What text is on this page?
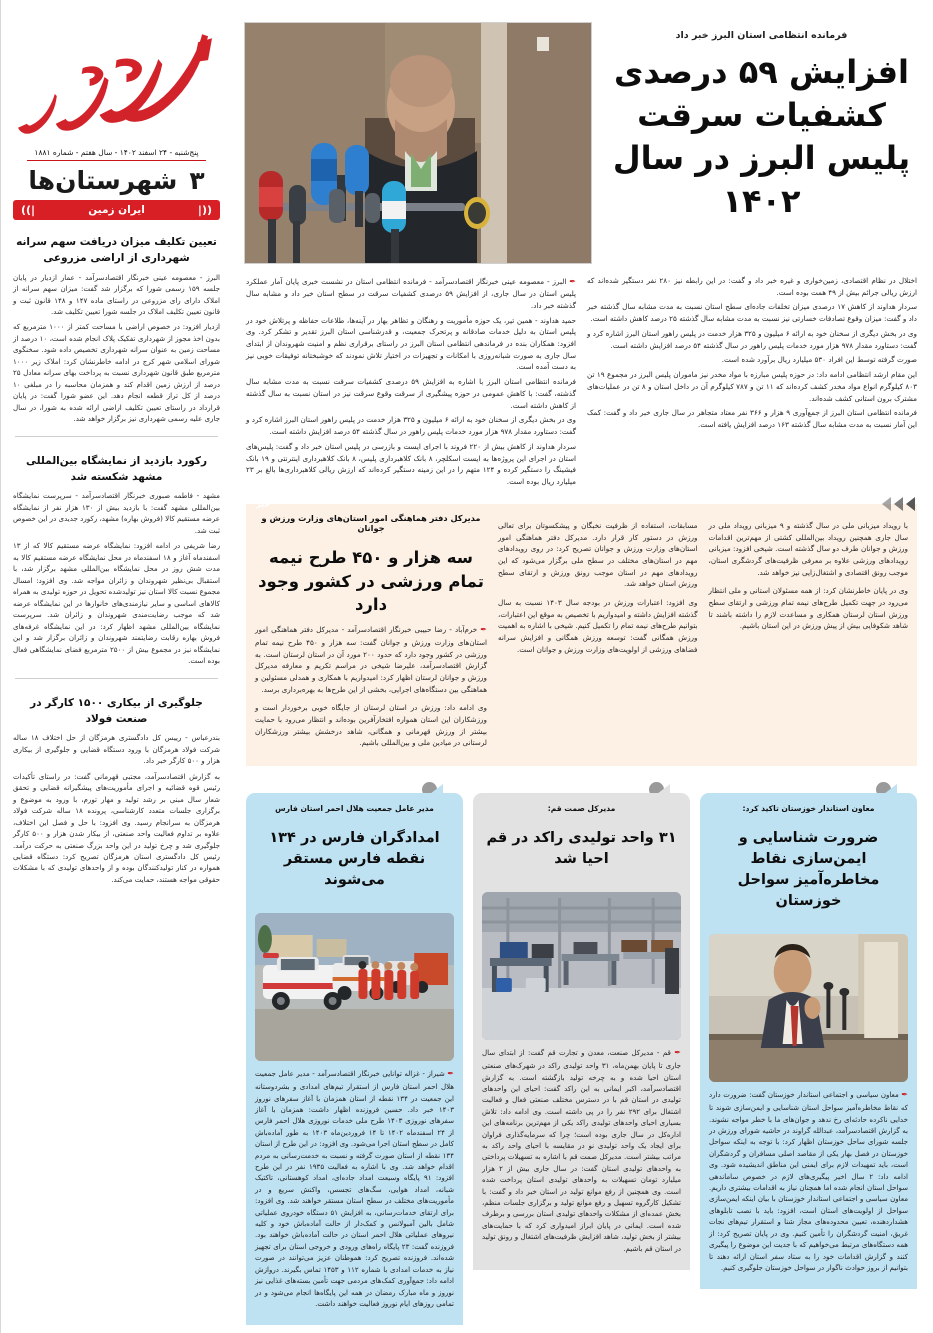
فرمانده انتظامی استان البرز خبر داد
افزایش ۵۹ درصدی کشفیات سرقت پلیس البرز در سال ۱۴۰۲

اختلال در نظام اقتصادی، زمین‌خواری و غیره خبر داد و گفت: در این رابطه نیز ۲۸۰ نفر دستگیر شده‌اند که ارزش ریالی جرائم بیش از ۴۹ همت بوده است.

سردار هداوند از کاهش ۱۷ درصدی میزان تخلفات جاده‌ای سطح استان نسبت به مدت مشابه سال گذشته خبر داد و گفت: میزان وقوع تصادفات خسارتی نیز نسبت به مدت مشابه سال گذشته ۲۵ درصد کاهش داشته است.

وی در بخش دیگری از سخنان خود به ارائه ۶ میلیون و ۳۲۵ هزار خدمت در پلیس راهور استان البرز اشاره کرد و گفت: دستاورد مقدار ۹۷۸ هزار مورد خدمات پلیس راهور در سال گذشته ۵۴ درصد افزایش داشته است.

صورت گرفته توسط این افراد ۵۳۰ میلیارد ریال برآورد شده است.

این مقام ارشد انتظامی ادامه داد: در حوزه پلیس مبارزه با مواد مخدر نیز ماموران پلیس البرز در مجموع ۱۹ تن ۸۰۳ کیلوگرم انواع مواد مخدر کشف کرده‌اند که ۱۱ تن و ۷۸۷ کیلوگرم آن در داخل استان و ۸ تن در عملیات‌های مشترک برون استانی کشف شده‌اند.

فرمانده انتظامی استان البرز از جمع‌آوری ۹ هزار و ۳۶۶ نفر معتاد متجاهر در سال جاری خبر داد و گفت: کمک این آمار نسبت به مدت مشابه سال گذشته ۱۶۳ درصد افزایش یافته است.

✒ البرز - معصومه عینی خبرنگار اقتصادسرآمد - فرمانده انتظامی استان در نشست خبری پایان آمار عملکرد پلیس استان در سال جاری، از افزایش ۵۹ درصدی کشفیات سرقت در سطح استان خبر داد و مشابه سال گذشته خبر داد.

حمید هداوند - همین تیر، یک حوزه مأموریت و رهنگان و تظاهر بهار در آینه‌ها، طلاعات حفاظه و پرتلاش خود در پلیس استان به دلیل خدمات صادقانه و پرتحرک جمعیت، و قدرشناسی استان البرز تقدیر و تشکر کرد. وی افزود: همکاران بنده در فرماندهی انتظامی استان البرز در راستای برقراری نظم و امنیت شهروندان از ابتدای سال جاری به صورت شبانه‌روزی با امکانات و تجهیزات در اختیار تلاش نمودند که خوشبختانه توفیقات خوبی نیز به دست آمده است.

فرمانده انتظامی استان البرز با اشاره به افزایش ۵۹ درصدی کشفیات سرقت نسبت به مدت مشابه سال گذشته، گفت: با کاهش عمومی در حوزه پیشگیری از سرقت وقوع سرقت نیز در استان نسبت به سال گذشته از کاهش داشته است.

وی در بخش دیگری از سخنان خود به ارائه ۶ میلیون و ۳۲۵ هزار خدمت در پلیس راهور استان البرز اشاره کرد و گفت: دستاورد مقدار ۹۷۸ هزار مورد خدمات پلیس راهور در سال گذشته ۵۴ درصد افزایش داشته است.

سردار هداوند از کاهش بیش از ۲۲۰ فروند با اجرای ایست و بازرسی در پلیس استان خبر داد و گفت: پلیس‌های استان در اجرای این پروژه‌ها به ایست اسکلچر، ۸ بانک کلاهبرداری پلیس، ۸ بانک کلاهبرداری اینترنتی و ۱۹ بانک فیشینگ را دستگیر کرده و ۱۲۴ متهم را در این زمینه دستگیر کرده‌اند که ارزش ریالی کلاهبرداری‌ها بالغ بر ۲۳ میلیارد ریال بوده است.

خبر

با رویداد میزبانی ملی در سال گذشته و ۹ میزبانی رویداد ملی در سال جاری همچنین رویداد بین‌المللی کشتی از مهم‌ترین اقدامات ورزش و جوانان طرف دو سال گذشته است. شیخی افزود: میزبانی رویدادهای ورزشی علاوه بر معرفی ظرفیت‌های گردشگری استان، موجب رونق اقتصادی و اشتغال‌زایی نیز خواهد شد.

وی در پایان خاطرنشان کرد: از همه مسئولان استانی و ملی انتظار می‌رود در جهت تکمیل طرح‌های نیمه تمام ورزشی و ارتقای سطح ورزش استان لرستان همکاری و مساعدت لازم را داشته باشند تا شاهد شکوفایی بیش از پیش ورزش در این استان باشیم.

مسابقات، استفاده از ظرفیت نخبگان و پیشکسوتان برای تعالی ورزش در دستور کار قرار دارد. مدیرکل دفتر هماهنگی امور استان‌های وزارت ورزش و جوانان تصریح کرد: در روی رویدادهای مهم در استان‌های مختلف در سطح ملی برگزار می‌شود که این رویدادهای مهم در استان موجب رونق ورزش و ارتقای سطح ورزش استان خواهد شد.

وی افزود: اعتبارات ورزش در بودجه سال ۱۴۰۳ نسبت به سال گذشته افزایش داشته و امیدواریم با تخصیص به موقع این اعتبارات، بتوانیم طرح‌های نیمه تمام را تکمیل کنیم. شیخی با اشاره به اهمیت ورزش همگانی گفت: توسعه ورزش همگانی و افزایش سرانه فضاهای ورزشی از اولویت‌های وزارت ورزش و جوانان است.

مدیرکل دفتر هماهنگی امور استان‌های وزارت ورزش و جوانان
سه هزار و ۴۵۰ طرح نیمه تمام ورزشی در کشور وجود دارد

✒ خرم‌آباد - رضا حبیبی خبرنگار اقتصادسرآمد - مدیرکل دفتر هماهنگی امور استان‌های وزارت ورزش و جوانان گفت: سه هزار و ۴۵۰ طرح نیمه تمام ورزشی در کشور وجود دارد که حدود ۲۰۰ مورد آن در استان لرستان است. به گزارش اقتصادسرآمد، علیرضا شیخی در مراسم تکریم و معارفه مدیرکل ورزش و جوانان لرستان اظهار کرد: امیدواریم با همکاری و همدلی مسئولین و هماهنگی بین دستگاه‌های اجرایی، بخشی از این طرح‌ها به بهره‌برداری برسد.

وی ادامه داد: ورزش در استان لرستان از جایگاه خوبی برخوردار است و ورزشکاران این استان همواره افتخارآفرین بوده‌اند و انتظار می‌رود با حمایت بیشتر از ورزش قهرمانی و همگانی، شاهد درخشش بیشتر ورزشکاران لرستانی در میادین ملی و بین‌المللی باشیم.

معاون استاندار خوزستان تاکید کرد:
ضرورت شناسایی و ایمن‌سازی نقاط مخاطره‌آمیز سواحل خوزستان

✒ معاون سیاسی و اجتماعی استاندار خوزستان گفت: ضرورت دارد که نقاط مخاطره‌آمیز سواحل استان شناسایی و ایمن‌سازی شوند تا خدایی ناکرده حادثه‌ای رخ ندهد و جوان‌های ما با خطر مواجه نشوند. به گزارش اقتصادسرآمد، عبدالله گراوند در حاشیه شورای ورزش در جلسه شورای ساحل خوزستان اظهار کرد: با توجه به اینکه سواحل خوزستان در فصل بهار یکی از مقاصد اصلی مسافران و گردشگران است، باید تمهیدات لازم برای ایمنی این مناطق اندیشیده شود. وی ادامه داد: ۲ سال اخیر پیگیری‌های لازم در خصوص ساماندهی سواحل استان انجام شده اما همچنان نیاز به اقدامات بیشتری داریم. معاون سیاسی و اجتماعی استاندار خوزستان با بیان اینکه ایمن‌سازی سواحل از اولویت‌های استان است، افزود: باید با نصب تابلوهای هشداردهنده، تعیین محدوده‌های مجاز شنا و استقرار تیم‌های نجات غریق، امنیت گردشگران را تأمین کنیم. وی در پایان تصریح کرد: از همه دستگاه‌های مرتبط می‌خواهیم که با جدیت این موضوع را پیگیری کنند و گزارش اقدامات خود را به ستاد سفر استان ارائه دهند تا بتوانیم از بروز حوادث ناگوار در سواحل خوزستان جلوگیری کنیم.

مدیرکل صمت قم:
۳۱ واحد تولیدی راکد در قم احیا شد

✒ قم - مدیرکل صنعت، معدن و تجارت قم گفت: از ابتدای سال جاری تا پایان بهمن‌ماه، ۳۱ واحد تولیدی راکد در شهرک‌های صنعتی استان احیا شده و به چرخه تولید بازگشته است. به گزارش اقتصادسرآمد، اکبر ایمانی به این راکد گفت: احیای این واحدهای تولیدی در استان قم با در دسترس مختلف صنعتی فعال و فعالیت اشتغال برای ۲۹۲ نفر را در پی داشته است. وی ادامه داد: تلاش بسیاری احیای واحدهای تولیدی راکد یکی از مهم‌ترین برنامه‌های این اداره‌کل در سال جاری بوده است؛ چرا که سرمایه‌گذاری فراوان برای ایجاد یک واحد تولیدی نو در مقایسه با احیای واحد راکد به مراتب بیشتر است. مدیرکل صمت قم با اشاره به تسهیلات پرداختی به واحدهای تولیدی استان گفت: در سال جاری بیش از ۲ هزار میلیارد تومان تسهیلات به واحدهای تولیدی استان پرداخت شده است. وی همچنین از رفع موانع تولید در استان خبر داد و گفت: با تشکیل کارگروه تسهیل و رفع موانع تولید و برگزاری جلسات منظم، بخش عمده‌ای از مشکلات واحدهای تولیدی استان بررسی و برطرف شده است. ایمانی در پایان ابراز امیدواری کرد که با حمایت‌های بیشتر از بخش تولید، شاهد افزایش ظرفیت‌های اشتغال و رونق تولید در استان قم باشیم.

مدیر عامل جمعیت هلال احمر استان فارس
امدادگران فارس در ۱۳۴ نقطه فارس مستقر می‌شوند

✒ شیراز - غزاله توانایی خبرنگار اقتصادسرآمد - مدیر عامل جمعیت هلال احمر استان فارس از استقرار تیم‌های امدادی و بشردوستانه این جمعیت در ۱۳۴ نقطه از استان همزمان با آغاز سفرهای نوروز ۱۴۰۳ خبر داد. حسین فروزنده اظهار داشت: همزمان با آغاز سفرهای نوروزی ۱۴۰۳ طرح ملی خدمات نوروزی هلال احمر فارس از ۲۴ اسفندماه ۱۴۰۲ تا ۱۴ فروردین‌ماه ۱۴۰۳ به طور آماده‌باش کامل در سطح استان اجرا می‌شود. وی افزود: در این طرح از استان ۱۳۴ نقطه از استان صورت گرفته و نسبت به خدمت‌رسانی به مردم اقدام خواهد شد. وی با اشاره به فعالیت ۱۹۳۵ نفر در این طرح افزود: ۹۱ پایگاه وسیعت امداد جاده‌ای، امداد کوهستانی، تاکتیک شبانه، امداد هوایی، سگ‌های تجسس، واکنش سریع و در مأموریت‌های مختلف در سطح استان مستقر خواهند شد. وی افزود: برای ارتقای خدمات‌رسانی، به افزایش ۵۱ دستگاه خودروی عملیاتی شامل بالین آمبولانس و کمک‌دار از حالت آماده‌باش خود و کلیه نیروهای عملیاتی هلال احمر استان در حالت آماده‌باش خواهند بود. فروزنده گفت: ۲۳ پایگاه راه‌های ورودی و خروجی استان برای تجهیز شده‌اند. فروزنده تصریح کرد: هموطنان عزیز می‌توانند در صورت نیاز به خدمات امدادی با شماره ۱۱۲ و ۱۴۵۳ تماس بگیرند. دروازش ادامه داد: جمع‌آوری کمک‌های مردمی جهت تأمین بسته‌های غذایی نیز نوروز و ماه مبارک رمضان در همه این پایگاه‌ها انجام می‌شود و در تمامی روزهای ایام نوروز فعالیت خواهند داشت.

پنج‌شنبه - ۲۴ اسفند ۱۴۰۲ - سال هفتم - شماره ۱۸۸۱
۳
شهرستان‌ها
((|
ایران زمین
|))
تعیین تکلیف میزان دریافت سهم سرانه شهرداری از اراضی مزروعی
البرز - معصومه عینی خبرنگار اقتصادسرآمد - عمار ازدیار در پایان جلسه ۱۵۹ رسمی شورا که برگزار شد گفت: میزان سهم سرانه از املاک دارای رای مزروعی در راستای ماده ۱۴۷ و ۱۴۸ قانون ثبت و قانون تعیین تکلیف املاک در جلسه شورا تعیین تکلیف شد.
ازدیار افزود: در خصوص اراضی با مساحت کمتر از ۱۰۰۰ مترمربع که بدون اخذ مجوز از شهرداری تفکیک پلاک انجام شده است، ۱۰ درصد از مساحت زمین به عنوان سرانه شهرداری تخصیص داده شود. سخنگوی شورای اسلامی شهر کرج در ادامه خاطرنشان کرد: املاک زیر ۱۰۰۰ مترمربع طبق قانون شهرداری نسبت به پرداخت بهای سرانه معادل ۲۵ درصد از ارزش زمین اقدام کند و همزمان محاسبه را در مبلغی ۱۰ درصد از کل تراز قطعه انجام دهد. این عضو شورا گفت: در پایان قرارداد در راستای تعیین تکلیف اراضی ارائه شده به شورا، در سال جاری علیه رسمی شهرداری نیز برگزار خواهد شد.
رکورد بازدید از نمایشگاه بین‌المللی مشهد شکسته شد
مشهد - فاطمه صبوری خبرنگار اقتصادسرآمد - سرپرست نمایشگاه بین‌المللی مشهد گفت: با بازدید بیش از ۱۳۰ هزار نفر از نمایشگاه عرضه مستقیم کالا (فروش بهاره) مشهد، رکورد جدیدی در این خصوص ثبت شد.
رضا شریفی در ادامه افزود: نمایشگاه عرضه مستقیم کالا که از ۱۳ اسفندماه آغاز و ۱۸ اسفندماه در محل نمایشگاه عرضه مستقیم کالا به مدت شش روز در محل نمایشگاه بین‌المللی مشهد برگزار شد، با استقبال بی‌نظیر شهروندان و زائران مواجه شد. وی افزود: امسال مجموع نسبت کالا استان نیز تولیدشده تحویل در حوزه تولیدی به همراه کالاهای اساسی و سایر نیازمندی‌های خانوارها در این نمایشگاه عرضه شد که موجب رضایت‌مندی شهروندان و زائران شد. سرپرست نمایشگاه بین‌المللی مشهد اظهار کرد: در این نمایشگاه غرفه‌های فروش بهاره رقابت رضایتمند شهروندان و زائران برگزار شد و این نمایشگاه نیز در مجموع بیش از ۲۵۰۰ مترمربع فضای نمایشگاهی فعال بوده است.
جلوگیری از بیکاری ۱۵۰۰ کارگر در صنعت فولاد
بندرعباس - رییس کل دادگستری هرمزگان از حل اختلاف ۱۸ ساله شرکت فولاد هرمزگان با ورود دستگاه قضایی و جلوگیری از بیکاری هزار و ۵۰۰ کارگر خبر داد.
به گزارش اقتصادسرآمد، مجتبی قهرمانی گفت: در راستای تأکیدات رئیس قوه قضائیه و اجرای مأموریت‌های پیشگیرانه قضایی و تحقق شعار سال مبنی بر رشد تولید و مهار تورم، با ورود به موضوع و برگزاری جلسات متعدد کارشناسی، پرونده ۱۸ ساله شرکت فولاد هرمزگان به سرانجام رسید. وی افزود: با حل و فصل این اختلاف، علاوه بر تداوم فعالیت واحد صنعتی، از بیکار شدن هزار و ۵۰۰ کارگر جلوگیری شد و چرخ تولید در این واحد بزرگ صنعتی به حرکت درآمد. رئیس کل دادگستری استان هرمزگان تصریح کرد: دستگاه قضایی همواره در کنار تولیدکنندگان بوده و از واحدهای تولیدی که با مشکلات حقوقی مواجه هستند، حمایت می‌کند.
